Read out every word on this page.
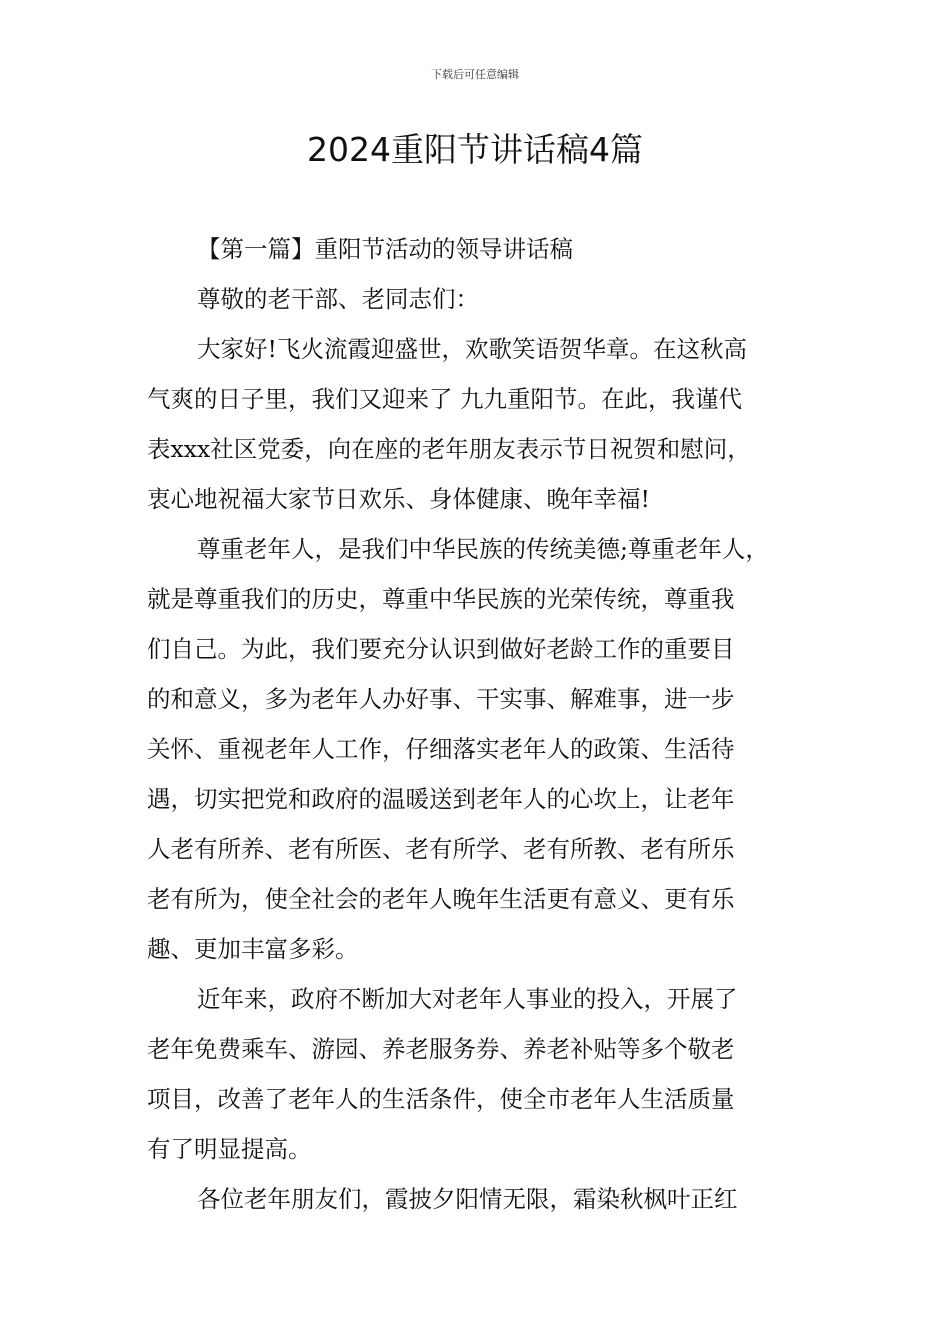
下载后可任意编辑
2024重阳节讲话稿4篇

【第一篇】重阳节活动的领导讲话稿

尊敬的老干部、老同志们：

大家好!飞火流霞迎盛世，欢歌笑语贺华章。在这秋高
气爽的日子里，我们又迎来了 九九重阳节。在此，我谨代
表xxx社区党委，向在座的老年朋友表示节日祝贺和慰问，
衷心地祝福大家节日欢乐、身体健康、晚年幸福!

尊重老年人，是我们中华民族的传统美德;尊重老年人，
就是尊重我们的历史，尊重中华民族的光荣传统，尊重我
们自己。为此，我们要充分认识到做好老龄工作的重要目
的和意义，多为老年人办好事、干实事、解难事，进一步
关怀、重视老年人工作，仔细落实老年人的政策、生活待
遇，切实把党和政府的温暖送到老年人的心坎上，让老年
人老有所养、老有所医、老有所学、老有所教、老有所乐
老有所为，使全社会的老年人晚年生活更有意义、更有乐
趣、更加丰富多彩。

近年来，政府不断加大对老年人事业的投入，开展了
老年免费乘车、游园、养老服务券、养老补贴等多个敬老
项目，改善了老年人的生活条件，使全市老年人生活质量
有了明显提高。

各位老年朋友们，霞披夕阳情无限，霜染秋枫叶正红
